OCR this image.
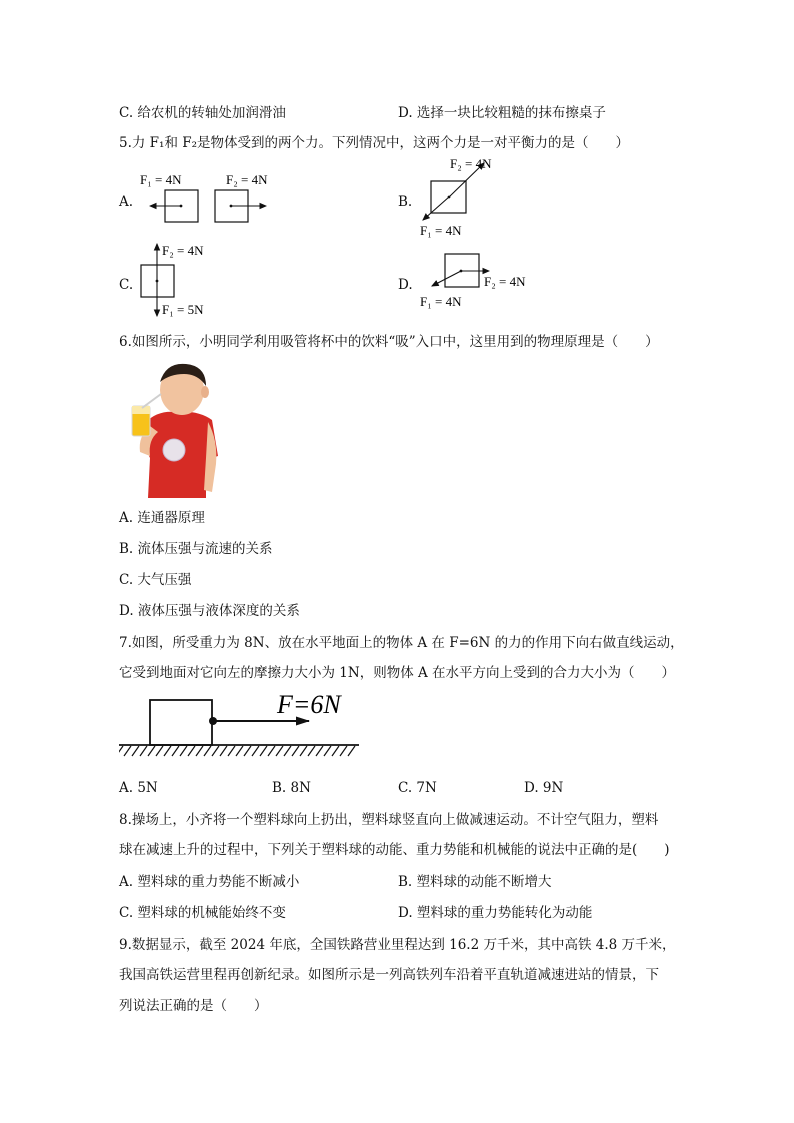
C. 给农机的转轴处加润滑油	D. 选择一块比较粗糙的抹布擦桌子
5.力 F₁和 F₂是物体受到的两个力。下列情况中，这两个力是一对平衡力的是（　　）
A.
F₁ = 4N	F₂ = 4N
B.
F₂ = 4N
F₁ = 4N
C.
F₂ = 4N
F₁ = 5N
D.	F₂ = 4N
F₁ = 4N
6.如图所示，小明同学利用吸管将杯中的饮料“吸”入口中，这里用到的物理原理是（　　）
A. 连通器原理
B. 流体压强与流速的关系
C. 大气压强
D. 液体压强与液体深度的关系
7.如图，所受重力为 8N、放在水平地面上的物体 A 在 F=6N 的力的作用下向右做直线运动，
它受到地面对它向左的摩擦力大小为 1N，则物体 A 在水平方向上受到的合力大小为（　　）
F=6N
A. 5N	B. 8N	C. 7N	D. 9N
8.操场上，小齐将一个塑料球向上扔出，塑料球竖直向上做减速运动。不计空气阻力，塑料
球在减速上升的过程中，下列关于塑料球的动能、重力势能和机械能的说法中正确的是(　　)
A. 塑料球的重力势能不断减小	B. 塑料球的动能不断增大
C. 塑料球的机械能始终不变	D. 塑料球的重力势能转化为动能
9.数据显示，截至 2024 年底，全国铁路营业里程达到 16.2 万千米，其中高铁 4.8 万千米，
我国高铁运营里程再创新纪录。如图所示是一列高铁列车沿着平直轨道减速进站的情景，下
列说法正确的是（　　）
